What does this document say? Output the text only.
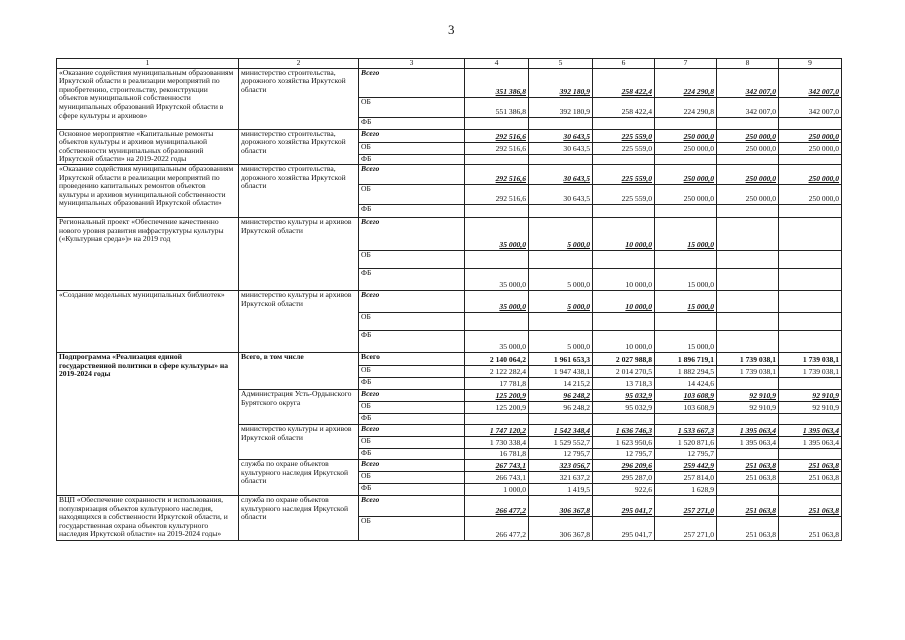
3
1	2	3	4	5	6	7	8	9
«Оказание содействия муниципальным образованиям Иркутской области в реализации мероприятий по приобретению, строительству, реконструкции объектов муниципальной собственности муниципальных образований Иркутской области в сфере культуры и архивов»	министерство строительства, дорожного хозяйства Иркутской области	Всего	351 386,8	392 180,9	258 422,4	224 290,8	342 007,0	342 007,0
		ОБ	551 386,8	392 180,9	258 422,4	224 290,8	342 007,0	342 007,0
		ФБ						
Основное мероприятие «Капитальные ремонты объектов культуры и архивов муниципальной собственности муниципальных образований Иркутской области» на 2019-2022 годы	министерство строительства, дорожного хозяйства Иркутской области	Всего	292 516,6	30 643,5	225 559,0	250 000,0	250 000,0	250 000,0
		ОБ	292 516,6	30 643,5	225 559,0	250 000,0	250 000,0	250 000,0
		ФБ						
«Оказание содействия муниципальным образованиям Иркутской области в реализации мероприятий по проведению капитальных ремонтов объектов культуры и архивов муниципальной собственности муниципальных образований Иркутской области»	министерство строительства, дорожного хозяйства Иркутской области	Всего	292 516,6	30 643,5	225 559,0	250 000,0	250 000,0	250 000,0
		ОБ	292 516,6	30 643,5	225 559,0	250 000,0	250 000,0	250 000,0
		ФБ						
Региональный проект «Обеспечение качественно нового уровня развития инфраструктуры культуры («Культурная среда»)» на 2019 год	министерство культуры и архивов Иркутской области	Всего	35 000,0	5 000,0	10 000,0	15 000,0		
		ОБ						
		ФБ	35 000,0	5 000,0	10 000,0	15 000,0		
«Создание модельных муниципальных библиотек»	министерство культуры и архивов Иркутской области	Всего	35 000,0	5 000,0	10 000,0	15 000,0		
		ОБ						
		ФБ	35 000,0	5 000,0	10 000,0	15 000,0		
Подпрограмма «Реализация единой государственной политики в сфере культуры» на 2019-2024 годы	Всего, в том числе	Всего	2 140 064,2	1 961 653,3	2 027 988,8	1 896 719,1	1 739 038,1	1 739 038,1
		ОБ	2 122 282,4	1 947 438,1	2 014 270,5	1 882 294,5	1 739 038,1	1 739 038,1
		ФБ	17 781,8	14 215,2	13 718,3	14 424,6		
	Администрация Усть-Ордынского Бурятского округа	Всего	125 200,9	96 248,2	95 032,9	103 608,9	92 910,9	92 910,9
		ОБ	125 200,9	96 248,2	95 032,9	103 608,9	92 910,9	92 910,9
		ФБ						
	министерство культуры и архивов Иркутской области	Всего	1 747 120,2	1 542 348,4	1 636 746,3	1 533 667,3	1 395 063,4	1 395 063,4
		ОБ	1 730 338,4	1 529 552,7	1 623 950,6	1 520 871,6	1 395 063,4	1 395 063,4
		ФБ	16 781,8	12 795,7	12 795,7	12 795,7		
	служба по охране объектов культурного наследия Иркутской области	Всего	267 743,1	323 056,7	296 209,6	259 442,9	251 063,8	251 063,8
		ОБ	266 743,1	321 637,2	295 287,0	257 814,0	251 063,8	251 063,8
		ФБ	1 000,0	1 419,5	922,6	1 628,9		
ВЦП «Обеспечение сохранности и использования, популяризация объектов культурного наследия, находящихся в собственности Иркутской области, и государственная охрана объектов культурного наследия Иркутской области» на 2019-2024 годы»	служба по охране объектов культурного наследия Иркутской области	Всего	266 477,2	306 367,8	295 041,7	257 271,0	251 063,8	251 063,8
		ОБ	266 477,2	306 367,8	295 041,7	257 271,0	251 063,8	251 063,8
